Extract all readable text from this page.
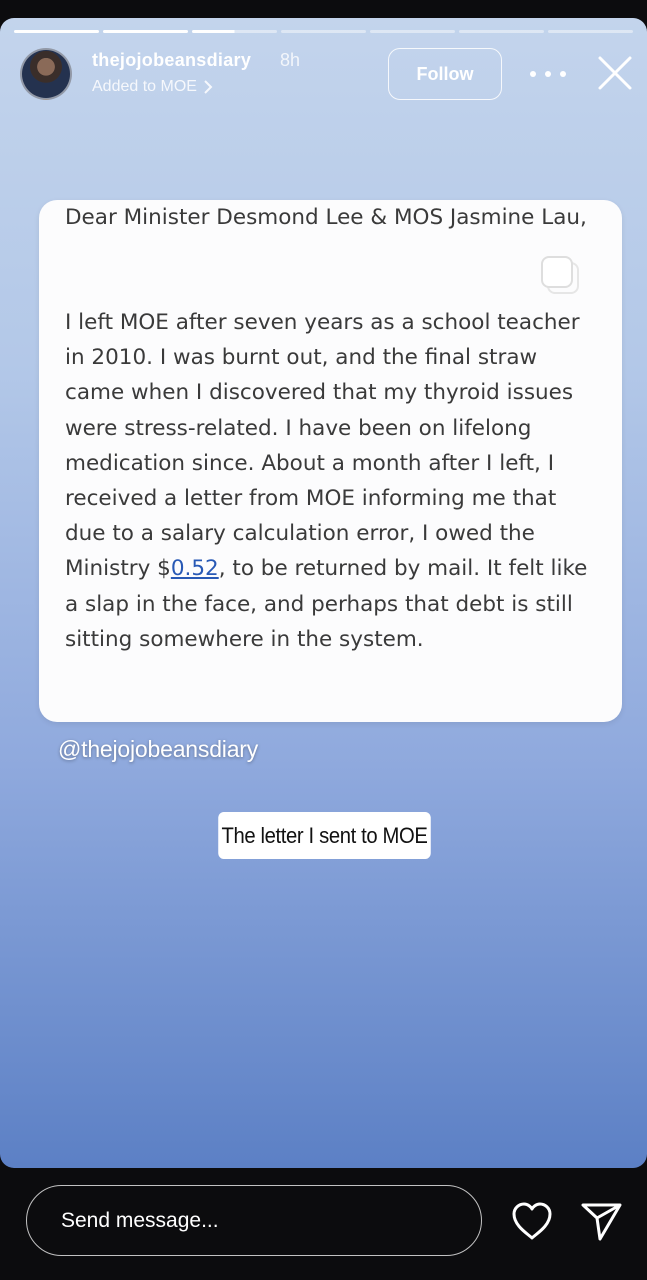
thejojobeansdiary 8h
Added to MOE
Follow
Dear Minister Desmond Lee & MOS Jasmine Lau,
I left MOE after seven years as a school teacher in 2010. I was burnt out, and the final straw came when I discovered that my thyroid issues were stress-related. I have been on lifelong medication since. About a month after I left, I received a letter from MOE informing me that due to a salary calculation error, I owed the Ministry $0.52, to be returned by mail. It felt like a slap in the face, and perhaps that debt is still sitting somewhere in the system.
@thejojobeansdiary
The letter I sent to MOE
Send message...
